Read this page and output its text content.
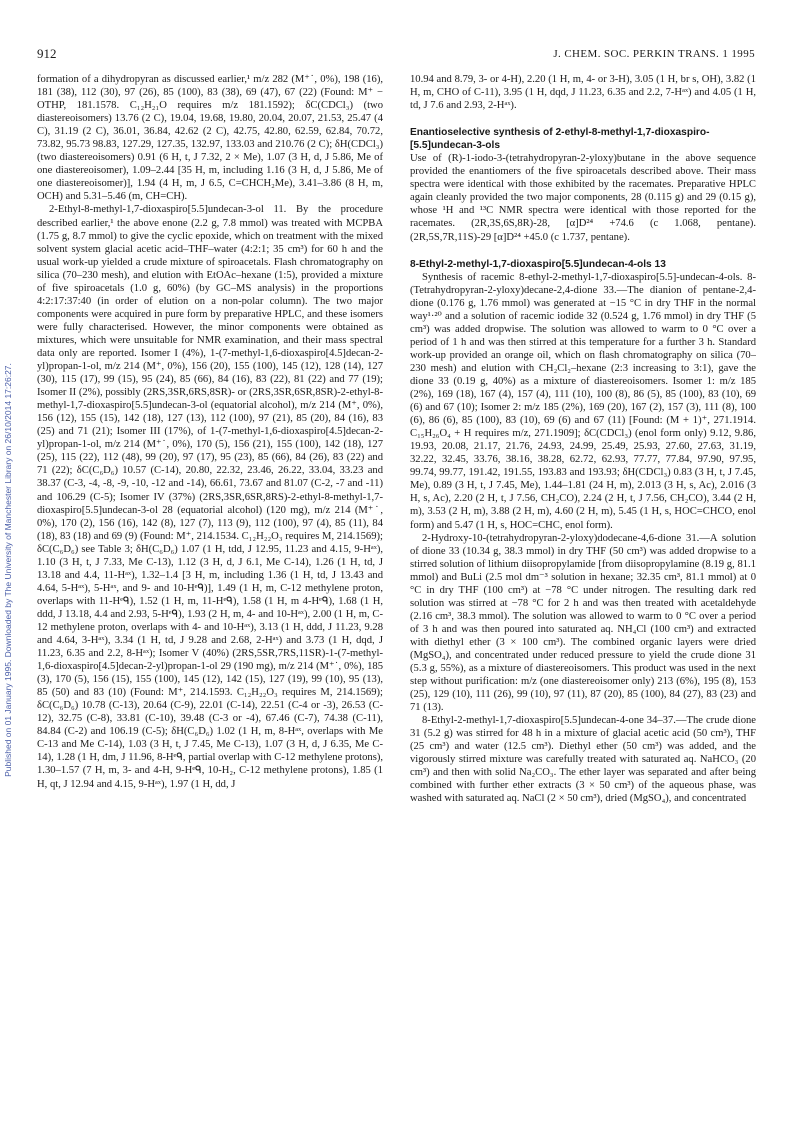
Published on 01 January 1995. Downloaded by The University of Manchester Library on 26/10/2014 17:26:27.
912	J. CHEM. SOC. PERKIN TRANS. 1 1995

formation of a dihydropyran as discussed earlier,¹ m/z 282 (M⁺˙, 0%), 198 (16), 181 (38), 112 (30), 97 (26), 85 (100), 83 (38), 69 (47), 67 (22) (Found: M⁺ − OTHP, 181.1578. C₁₂H₂₁O requires m/z 181.1592); δC(CDCl₃) (two diastereoisomers) 13.76 (2 C), 19.04, 19.68, 19.80, 20.04, 20.07, 21.53, 25.47 (4 C), 31.19 (2 C), 36.01, 36.84, 42.62 (2 C), 42.75, 42.80, 62.59, 62.84, 70.72, 73.82, 95.73 98.83, 127.29, 127.35, 132.97, 133.03 and 210.76 (2 C); δH(CDCl₃) (two diastereoisomers) 0.91 (6 H, t, J 7.32, 2 × Me), 1.07 (3 H, d, J 5.86, Me of one diastereoisomer), 1.09–2.44 [35 H, m, including 1.16 (3 H, d, J 5.86, Me of one diastereoisomer)], 1.94 (4 H, m, J 6.5, C=CHCH₂Me), 3.41–3.86 (8 H, m, OCH) and 5.31–5.46 (m, CH=CH).

2-Ethyl-8-methyl-1,7-dioxaspiro[5.5]undecan-3-ol 11. By the procedure described earlier,¹ the above enone (2.2 g, 7.8 mmol) was treated with MCPBA (1.75 g, 8.7 mmol) to give the cyclic epoxide, which on treatment with the mixed solvent system glacial acetic acid–THF–water (4:2:1; 35 cm³) for 60 h and the usual work-up yielded a crude mixture of spiroacetals. Flash chromatography on silica (70–230 mesh), and elution with EtOAc–hexane (1:5), provided a mixture of five spiroacetals (1.0 g, 60%) (by GC–MS analysis) in the proportions 4:2:17:37:40 (in order of elution on a non-polar column). The two major components were acquired in pure form by preparative HPLC, and these isomers were fully characterised. However, the minor components were obtained as mixtures, which were unsuitable for NMR examination, and their mass spectral data only are reported. Isomer I (4%), 1-(7-methyl-1,6-dioxaspiro[4.5]decan-2-yl)propan-1-ol, m/z 214 (M⁺, 0%), 156 (20), 155 (100), 145 (12), 128 (14), 127 (30), 115 (17), 99 (15), 95 (24), 85 (66), 84 (16), 83 (22), 81 (22) and 77 (19); Isomer II (2%), possibly (2RS,3SR,6RS,8SR)- or (2RS,3SR,6SR,8SR)-2-ethyl-8-methyl-1,7-dioxaspiro[5.5]undecan-3-ol (equatorial alcohol), m/z 214 (M⁺, 0%), 156 (12), 155 (15), 142 (18), 127 (13), 112 (100), 97 (21), 85 (20), 84 (16), 83 (25) and 71 (21); Isomer III (17%), of 1-(7-methyl-1,6-dioxaspiro[4.5]decan-2-yl)propan-1-ol, m/z 214 (M⁺˙, 0%), 170 (5), 156 (21), 155 (100), 142 (18), 127 (25), 115 (22), 112 (48), 99 (20), 97 (17), 95 (23), 85 (66), 84 (26), 83 (22) and 71 (22); δC(C₆D₆) 10.57 (C-14), 20.80, 22.32, 23.46, 26.22, 33.04, 33.23 and 38.37 (C-3, -4, -8, -9, -10, -12 and -14), 66.61, 73.67 and 81.07 (C-2, -7 and -11) and 106.29 (C-5); Isomer IV (37%) (2RS,3SR,6SR,8RS)-2-ethyl-8-methyl-1,7-dioxaspiro[5.5]undecan-3-ol 28 (equatorial alcohol) (120 mg), m/z 214 (M⁺˙, 0%), 170 (2), 156 (16), 142 (8), 127 (7), 113 (9), 112 (100), 97 (4), 85 (11), 84 (18), 83 (18) and 69 (9) (Found: M⁺, 214.1534. C₁₂H₂₂O₃ requires M, 214.1569); δC(C₆D₆) see Table 3; δH(C₆D₆) 1.07 (1 H, tdd, J 12.95, 11.23 and 4.15, 9-Hᵃˣ), 1.10 (3 H, t, J 7.33, Me C-13), 1.12 (3 H, d, J 6.1, Me C-14), 1.26 (1 H, td, J 13.18 and 4.4, 11-Hᵃˣ), 1.32–1.4 [3 H, m, including 1.36 (1 H, td, J 13.43 and 4.64, 5-Hᵃˣ), 5-Hᵃˣ, and 9- and 10-Hᵉᑫ)], 1.49 (1 H, m, C-12 methylene proton, overlaps with 11-Hᵉᑫ), 1.52 (1 H, m, 11-Hᵉᑫ), 1.58 (1 H, m 4-Hᵉᑫ), 1.68 (1 H, ddd, J 13.18, 4.4 and 2.93, 5-Hᵉᑫ), 1.93 (2 H, m, 4- and 10-Hᵃˣ), 2.00 (1 H, m, C-12 methylene proton, overlaps with 4- and 10-Hᵃˣ), 3.13 (1 H, ddd, J 11.23, 9.28 and 4.64, 3-Hᵃˣ), 3.34 (1 H, td, J 9.28 and 2.68, 2-Hᵃˣ) and 3.73 (1 H, dqd, J 11.23, 6.35 and 2.2, 8-Hᵃˣ); Isomer V (40%) (2RS,5SR,7RS,11SR)-1-(7-methyl-1,6-dioxaspiro[4.5]decan-2-yl)propan-1-ol 29 (190 mg), m/z 214 (M⁺˙, 0%), 185 (3), 170 (5), 156 (15), 155 (100), 145 (12), 142 (15), 127 (19), 99 (10), 95 (13), 85 (50) and 83 (10) (Found: M⁺, 214.1593. C₁₂H₂₂O₃ requires M, 214.1569); δC(C₆D₆) 10.78 (C-13), 20.64 (C-9), 22.01 (C-14), 22.51 (C-4 or -3), 26.53 (C-12), 32.75 (C-8), 33.81 (C-10), 39.48 (C-3 or -4), 67.46 (C-7), 74.38 (C-11), 84.84 (C-2) and 106.19 (C-5); δH(C₆D₆) 1.02 (1 H, m, 8-Hᵃˣ, overlaps with Me C-13 and Me C-14), 1.03 (3 H, t, J 7.45, Me C-13), 1.07 (3 H, d, J 6.35, Me C-14), 1.28 (1 H, dm, J 11.96, 8-Hᵉᑫ, partial overlap with C-12 methylene protons), 1.30–1.57 (7 H, m, 3- and 4-H, 9-Hᵉᑫ, 10-H₂, C-12 methylene protons), 1.85 (1 H, qt, J 12.94 and 4.15, 9-Hᵃˣ), 1.97 (1 H, dd, J

10.94 and 8.79, 3- or 4-H), 2.20 (1 H, m, 4- or 3-H), 3.05 (1 H, br s, OH), 3.82 (1 H, m, CHO of C-11), 3.95 (1 H, dqd, J 11.23, 6.35 and 2.2, 7-Hᵃˣ) and 4.05 (1 H, td, J 7.6 and 2.93, 2-Hᵃˣ).

Enantioselective synthesis of 2-ethyl-8-methyl-1,7-dioxaspiro-[5.5]undecan-3-ols

Use of (R)-1-iodo-3-(tetrahydropyran-2-yloxy)butane in the above sequence provided the enantiomers of the five spiroacetals described above. Their mass spectra were identical with those exhibited by the racemates. Preparative HPLC again cleanly provided the two major components, 28 (0.115 g) and 29 (0.15 g), whose ¹H and ¹³C NMR spectra were identical with those reported for the racemates. (2R,3S,6S,8R)-28, [α]D²⁴ +74.6 (c 1.068, pentane). (2R,5S,7R,11S)-29 [α]D²⁴ +45.0 (c 1.737, pentane).

8-Ethyl-2-methyl-1,7-dioxaspiro[5.5]undecan-4-ols 13

Synthesis of racemic 8-ethyl-2-methyl-1,7-dioxaspiro[5.5]-undecan-4-ols. 8-(Tetrahydropyran-2-yloxy)decane-2,4-dione 33.—The dianion of pentane-2,4-dione (0.176 g, 1.76 mmol) was generated at −15 °C in dry THF in the normal way¹·²⁰ and a solution of racemic iodide 32 (0.524 g, 1.76 mmol) in dry THF (5 cm³) was added dropwise. The solution was allowed to warm to 0 °C over a period of 1 h and was then stirred at this temperature for a further 3 h. Standard work-up provided an orange oil, which on flash chromatography on silica (70–230 mesh) and elution with CH₂Cl₂–hexane (2:3 increasing to 3:1), gave the dione 33 (0.19 g, 40%) as a mixture of diastereoisomers. Isomer 1: m/z 185 (2%), 169 (18), 167 (4), 157 (4), 111 (10), 100 (8), 86 (5), 85 (100), 83 (10), 69 (6) and 67 (10); Isomer 2: m/z 185 (2%), 169 (20), 167 (2), 157 (3), 111 (8), 100 (6), 86 (6), 85 (100), 83 (10), 69 (6) and 67 (11) [Found: (M + 1)⁺, 271.1914. C₁₅H₂₆O₄ + H requires m/z, 271.1909]; δC(CDCl₃) (enol form only) 9.12, 9.86, 19.93, 20.08, 21.17, 21.76, 24.93, 24.99, 25.49, 25.93, 27.60, 27.63, 31.19, 32.22, 32.45, 33.76, 38.16, 38.28, 62.72, 62.93, 77.77, 77.84, 97.90, 97.95, 99.74, 99.77, 191.42, 191.55, 193.83 and 193.93; δH(CDCl₃) 0.83 (3 H, t, J 7.45, Me), 0.89 (3 H, t, J 7.45, Me), 1.44–1.81 (24 H, m), 2.013 (3 H, s, Ac), 2.016 (3 H, s, Ac), 2.20 (2 H, t, J 7.56, CH₂CO), 2.24 (2 H, t, J 7.56, CH₂CO), 3.44 (2 H, m), 3.53 (2 H, m), 3.88 (2 H, m), 4.60 (2 H, m), 5.45 (1 H, s, HOC=CHCO, enol form) and 5.47 (1 H, s, HOC=CHC, enol form).

2-Hydroxy-10-(tetrahydropyran-2-yloxy)dodecane-4,6-dione 31.—A solution of dione 33 (10.34 g, 38.3 mmol) in dry THF (50 cm³) was added dropwise to a stirred solution of lithium diisopropylamide [from diisopropylamine (8.19 g, 81.1 mmol) and BuLi (2.5 mol dm⁻³ solution in hexane; 32.35 cm³, 81.1 mmol) at 0 °C in dry THF (100 cm³) at −78 °C under nitrogen. The resulting dark red solution was stirred at −78 °C for 2 h and was then treated with acetaldehyde (2.16 cm³, 38.3 mmol). The solution was allowed to warm to 0 °C over a period of 3 h and was then poured into saturated aq. NH₄Cl (100 cm³) and extracted with diethyl ether (3 × 100 cm³). The combined organic layers were dried (MgSO₄), and concentrated under reduced pressure to yield the crude dione 31 (5.3 g, 55%), as a mixture of diastereoisomers. This product was used in the next step without purification: m/z (one diastereoisomer only) 213 (6%), 195 (8), 153 (25), 129 (10), 111 (26), 99 (10), 97 (11), 87 (20), 85 (100), 84 (27), 83 (23) and 71 (13).

8-Ethyl-2-methyl-1,7-dioxaspiro[5.5]undecan-4-one 34–37.—The crude dione 31 (5.2 g) was stirred for 48 h in a mixture of glacial acetic acid (50 cm³), THF (25 cm³) and water (12.5 cm³). Diethyl ether (50 cm³) was added, and the vigorously stirred mixture was carefully treated with saturated aq. NaHCO₃ (20 cm³) and then with solid Na₂CO₃. The ether layer was separated and after being combined with further ether extracts (3 × 50 cm³) of the aqueous phase, was washed with saturated aq. NaCl (2 × 50 cm³), dried (MgSO₄), and concentrated
